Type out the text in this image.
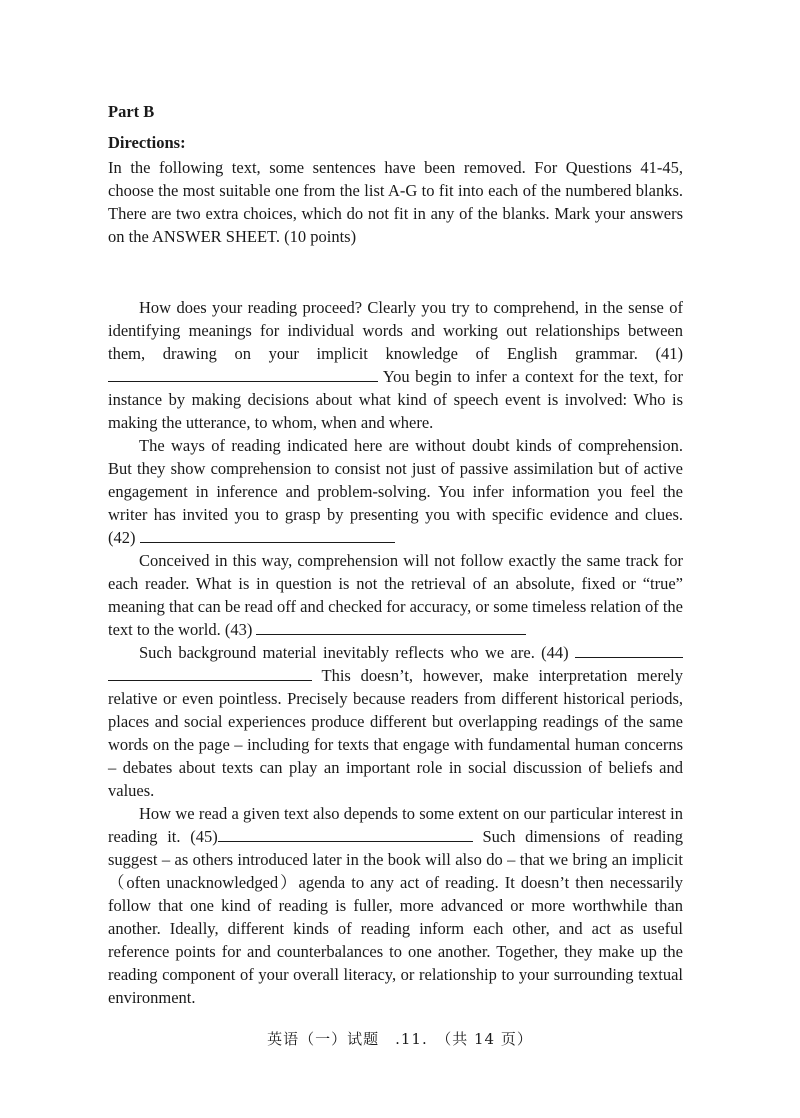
Part B
Directions:

In the following text, some sentences have been removed. For Questions 41-45, choose the most suitable one from the list A-G to fit into each of the numbered blanks. There are two extra choices, which do not fit in any of the blanks. Mark your answers on the ANSWER SHEET. (10 points)

How does your reading proceed? Clearly you try to comprehend, in the sense of identifying meanings for individual words and working out relationships between them, drawing on your implicit knowledge of English grammar. (41) You begin to infer a context for the text, for instance by making decisions about what kind of speech event is involved: Who is making the utterance, to whom, when and where.

The ways of reading indicated here are without doubt kinds of comprehension. But they show comprehension to consist not just of passive assimilation but of active engagement in inference and problem-solving. You infer information you feel the writer has invited you to grasp by presenting you with specific evidence and clues. (42)

Conceived in this way, comprehension will not follow exactly the same track for each reader. What is in question is not the retrieval of an absolute, fixed or “true” meaning that can be read off and checked for accuracy, or some timeless relation of the text to the world. (43)

Such background material inevitably reflects who we are. (44)   This doesn’t, however, make interpretation merely relative or even pointless. Precisely because readers from different historical periods, places and social experiences produce different but overlapping readings of the same words on the page – including for texts that engage with fundamental human concerns – debates about texts can play an important role in social discussion of beliefs and values.

How we read a given text also depends to some extent on our particular interest in reading it. (45)	Such dimensions of reading suggest – as others introduced later in the book will also do – that we bring an implicit（often unacknowledged）agenda to any act of reading. It doesn’t then necessarily follow that one kind of reading is fuller, more advanced or more worthwhile than another. Ideally, different kinds of reading inform each other, and act as useful reference points for and counterbalances to one another. Together, they make up the reading component of your overall literacy, or relationship to your surrounding textual environment.

英语（一）试题　.11.　（共 14 页）
